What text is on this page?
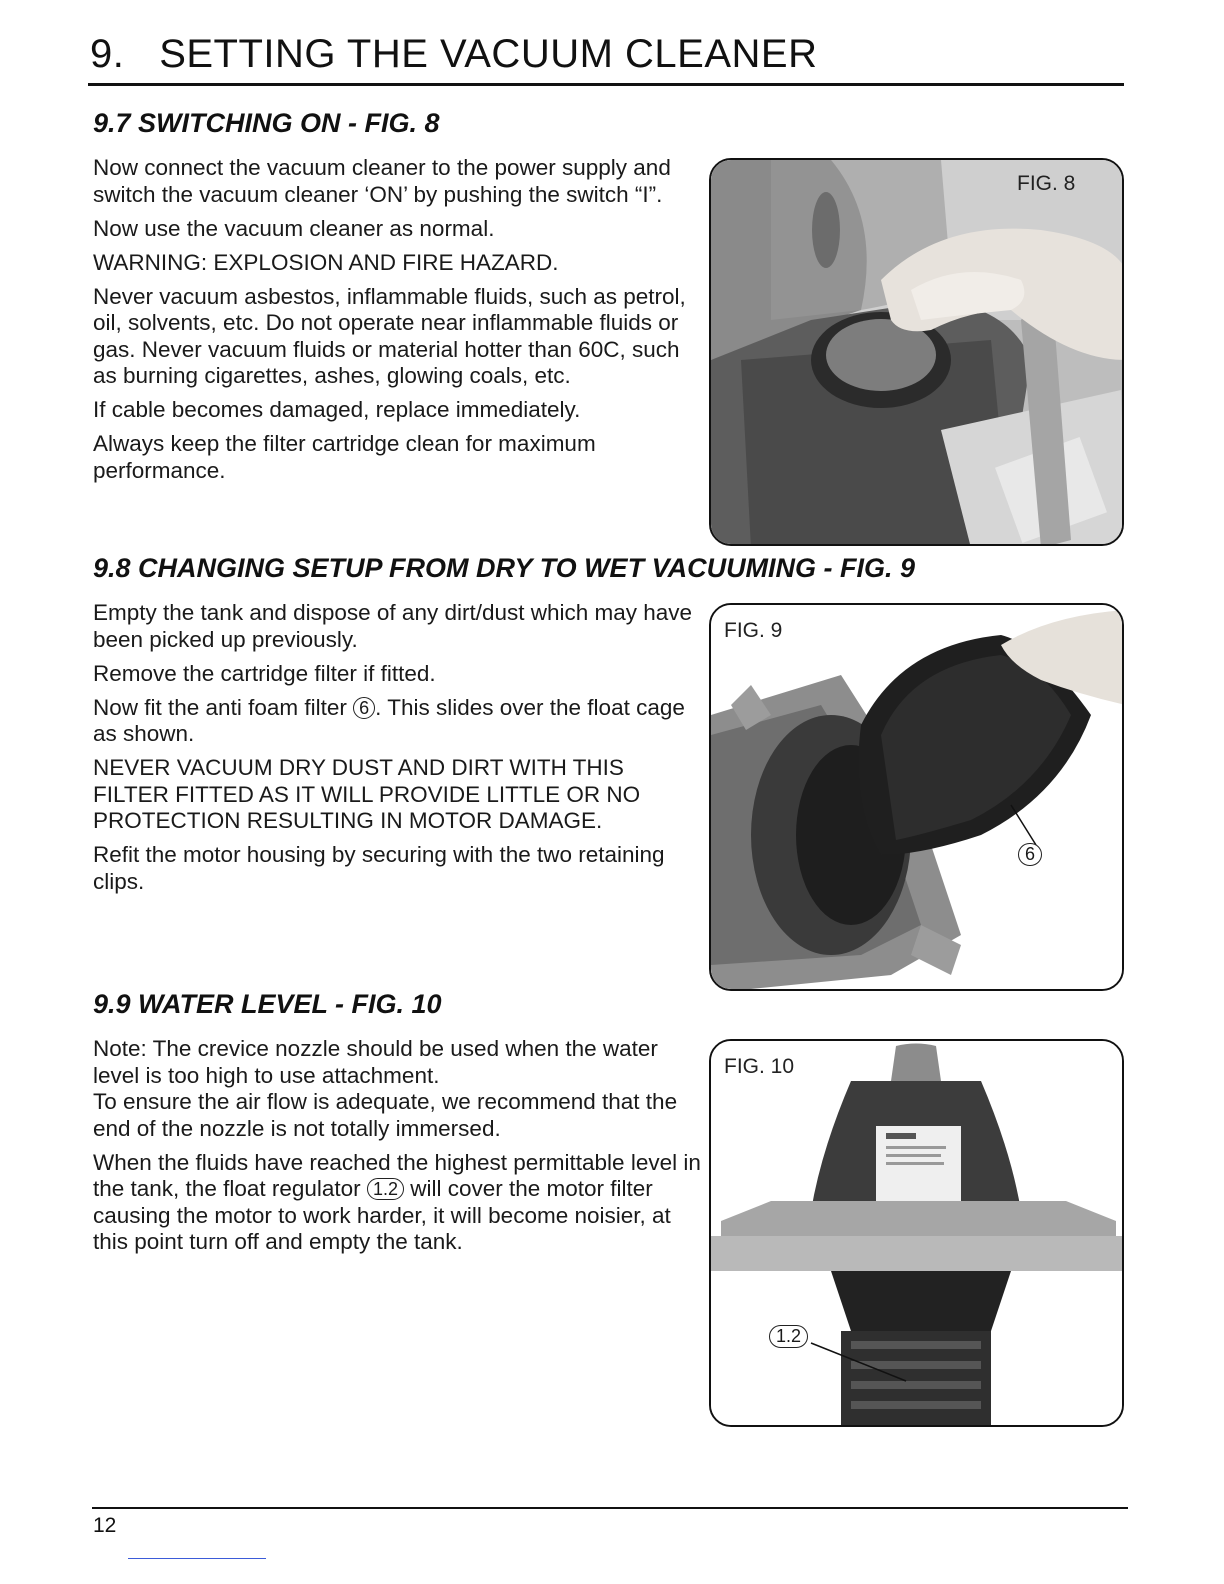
9.   SETTING THE VACUUM CLEANER
9.7 SWITCHING ON - FIG. 8

Now connect the vacuum cleaner to the power supply and switch the vacuum cleaner ‘ON’ by pushing the switch “I”.

Now use the vacuum cleaner as normal.

WARNING: EXPLOSION AND FIRE HAZARD.

Never vacuum asbestos, inflammable fluids, such as petrol, oil, solvents, etc. Do not operate near inflammable fluids or gas. Never vacuum fluids or material hotter than 60C, such as burning cigarettes, ashes, glowing coals, etc.

If cable becomes damaged, replace immediately.

Always keep the filter cartridge clean for maximum performance.

FIG. 8
9.8 CHANGING SETUP FROM DRY TO WET VACUUMING - FIG. 9

Empty the tank and dispose of any dirt/dust which may have been picked up previously.

Remove the cartridge filter if fitted.

Now fit the anti foam filter 6 . This slides over the float cage as shown.

NEVER VACUUM DRY DUST AND DIRT WITH THIS FILTER FITTED AS IT WILL PROVIDE LITTLE OR NO PROTECTION RESULTING IN MOTOR DAMAGE.

Refit the motor housing by securing with the two retaining clips.

FIG. 9
6
9.9 WATER LEVEL - FIG. 10

Note: The crevice nozzle should be used when the water level is too high to use attachment.

To ensure the air flow is adequate, we recommend that the end of the nozzle is not totally immersed.

When the fluids have reached the highest permittable level in the tank, the float regulator 1.2 will cover the motor filter causing the motor to work harder, it will become noisier, at this point turn off and empty the tank.

FIG. 10
1.2
12
